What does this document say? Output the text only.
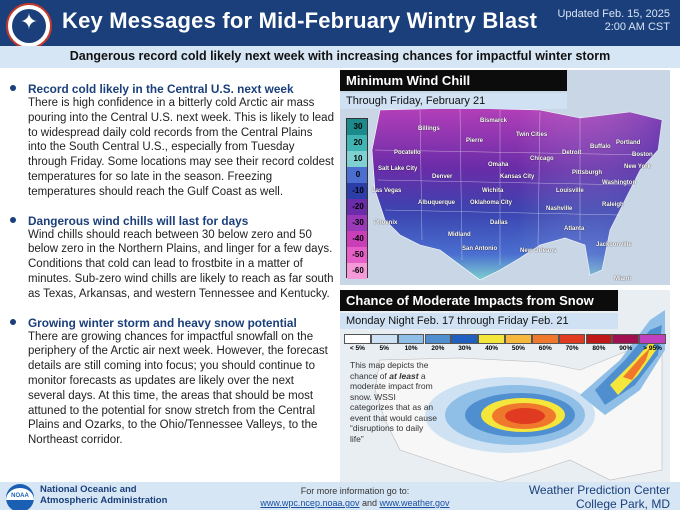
✦	Key Messages for Mid-February Wintry Blast Updated Feb. 15, 2025
2:00 AM CST
Dangerous record cold likely next week with increasing chances for impactful winter storm
Record cold likely in the Central U.S. next week

There is high confidence in a bitterly cold Arctic air mass pouring into the Central U.S. next week. This is likely to lead to widespread daily cold records from the Central Plains into the South Central U.S., especially from Tuesday through Friday. Some locations may see their record coldest temperatures for so late in the season. Freezing temperatures should reach the Gulf Coast as well.

Dangerous wind chills will last for days

Wind chills should reach between 30 below zero and 50 below zero in the Northern Plains, and linger for a few days. Conditions that cold can lead to frostbite in a matter of minutes. Sub-zero wind chills are likely to reach as far south as Texas, Arkansas, and western Tennessee and Kentucky.

Growing winter storm and heavy snow potential

There are growing chances for impactful snowfall on the periphery of the Arctic air next week. However, the forecast details are still coming into focus; you should continue to monitor forecasts as updates are likely over the next several days. At this time, the areas that should be most attuned to the potential for snow stretch from the Central Plains and Ozarks, to the Ohio/Tennessee Valleys, to the Northeast corridor.

Minimum Wind Chill
Through Friday, February 21
30
20
10
0
-10
-20
-30
-40
-50
-60
Billings
Bismarck
Twin Cities
Pierre
Pocatello
Salt Lake City
Omaha
Chicago
Detroit
Buffalo
Portland
Boston
Denver	Kansas City
Pittsburgh
New York
Washington
Wichita	Louisville
Las Vegas
Albuquerque	Oklahoma City
Nashville
Raleigh
Phoenix	Dallas
Atlanta
Midland
Jacksonville
San Antonio	New Orleans
Miami
Chance of Moderate Impacts from Snow
Monday Night Feb. 17 through Friday Feb. 21
< 5%	5%	10%	20%	30%	40%	50%	60%	70%	80%	90%	> 95%
This map depicts the chance of at least a moderate impact from snow. WSSI categorizes that as an event that would cause “disruptions to daily life”
NOAA
National Oceanic and
Atmospheric Administration
For more information go to:
www.wpc.ncep.noaa.gov and www.weather.gov
Weather Prediction Center
College Park, MD
